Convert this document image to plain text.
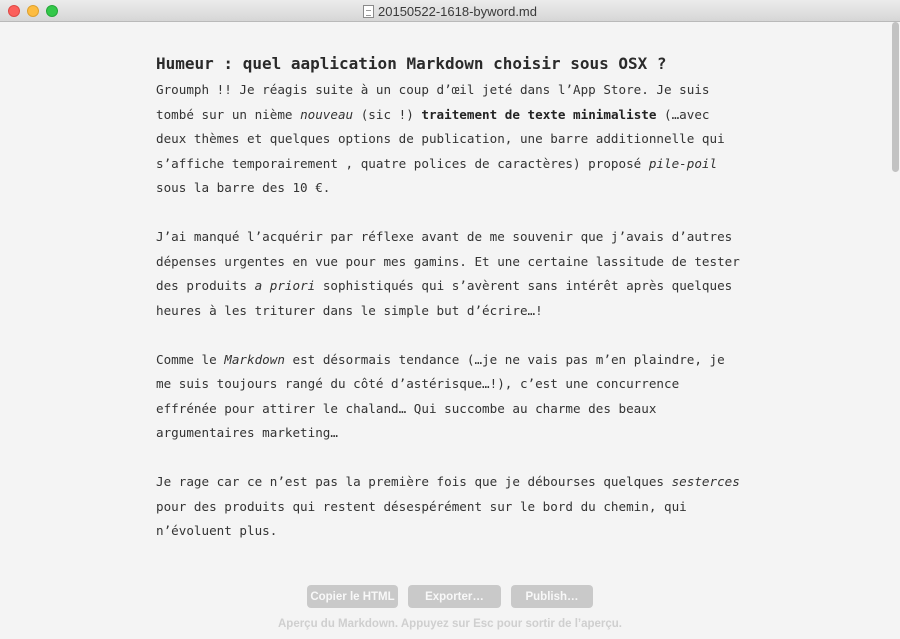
20150522-1618-byword.md
Humeur : quel aaplication Markdown choisir sous OSX ?

Groumph !! Je réagis suite à un coup d’œil jeté dans l’App Store. Je suis tombé sur un nième nouveau (sic !) traitement de texte minimaliste (…avec deux thèmes et quelques options de publication, une barre additionnelle qui s’affiche temporairement , quatre polices de caractères) proposé pile-poil sous la barre des 10 €.

J’ai manqué l’acquérir par réflexe avant de me souvenir que j’avais d’autres dépenses urgentes en vue pour mes gamins. Et une certaine lassitude de tester des produits a priori sophistiqués qui s’avèrent sans intérêt après quelques heures à les triturer dans le simple but d’écrire…!

Comme le Markdown est désormais tendance (…je ne vais pas m’en plaindre, je me suis toujours rangé du côté d’astérisque…!), c’est une concurrence effrénée pour attirer le chaland… Qui succombe au charme des beaux argumentaires marketing…

Je rage car ce n’est pas la première fois que je débourses quelques sesterces pour des produits qui restent désespérément sur le bord du chemin, qui n’évoluent plus.

Copier le HTML	Exporter…	Publish…
Aperçu du Markdown. Appuyez sur Esc pour sortir de l’aperçu.
